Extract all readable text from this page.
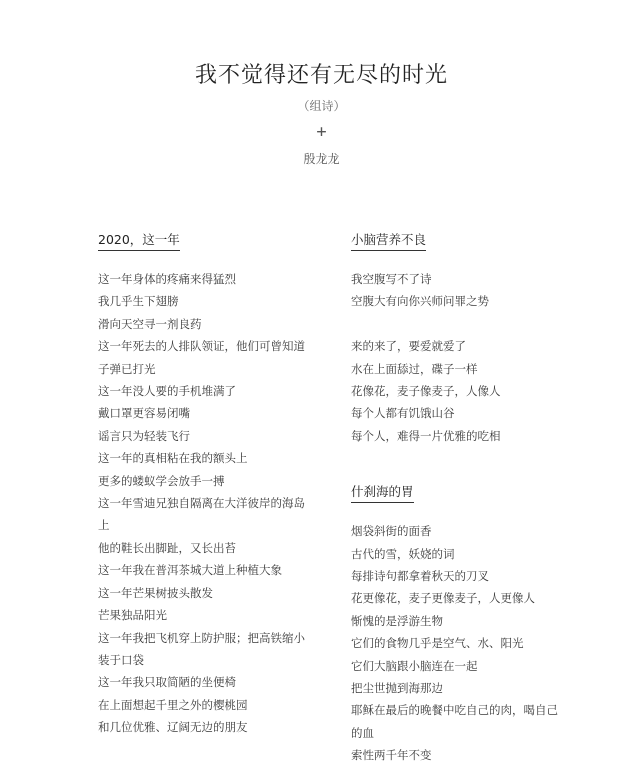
我不觉得还有无尽的时光
（组诗）
+
殷龙龙
2020，这一年
这一年身体的疼痛来得猛烈
我几乎生下翅膀
滑向天空寻一剂良药
这一年死去的人排队领证，他们可曾知道
子弹已打光
这一年没人要的手机堆满了
戴口罩更容易闭嘴
谣言只为轻装飞行
这一年的真相粘在我的额头上
更多的蝼蚁学会放手一搏
这一年雪迪兄独自隔离在大洋彼岸的海岛
上
他的鞋长出脚趾，又长出苔
这一年我在普洱茶城大道上种植大象
这一年芒果树披头散发
芒果独品阳光
这一年我把飞机穿上防护服；把高铁缩小
装于口袋
这一年我只取简陋的坐便椅
在上面想起千里之外的樱桃园
和几位优雅、辽阔无边的朋友
小脑营养不良
我空腹写不了诗
空腹大有向你兴师问罪之势
来的来了，要爱就爱了
水在上面舔过，碟子一样
花像花，麦子像麦子，人像人
每个人都有饥饿山谷
每个人，难得一片优雅的吃相
什刹海的胃
烟袋斜街的面香
古代的雪，妖娆的词
每排诗句都拿着秋天的刀叉
花更像花，麦子更像麦子，人更像人
惭愧的是浮游生物
它们的食物几乎是空气、水、阳光
它们大脑跟小脑连在一起
把尘世抛到海那边
耶稣在最后的晚餐中吃自己的肉，喝自己
的血
索性两千年不变
